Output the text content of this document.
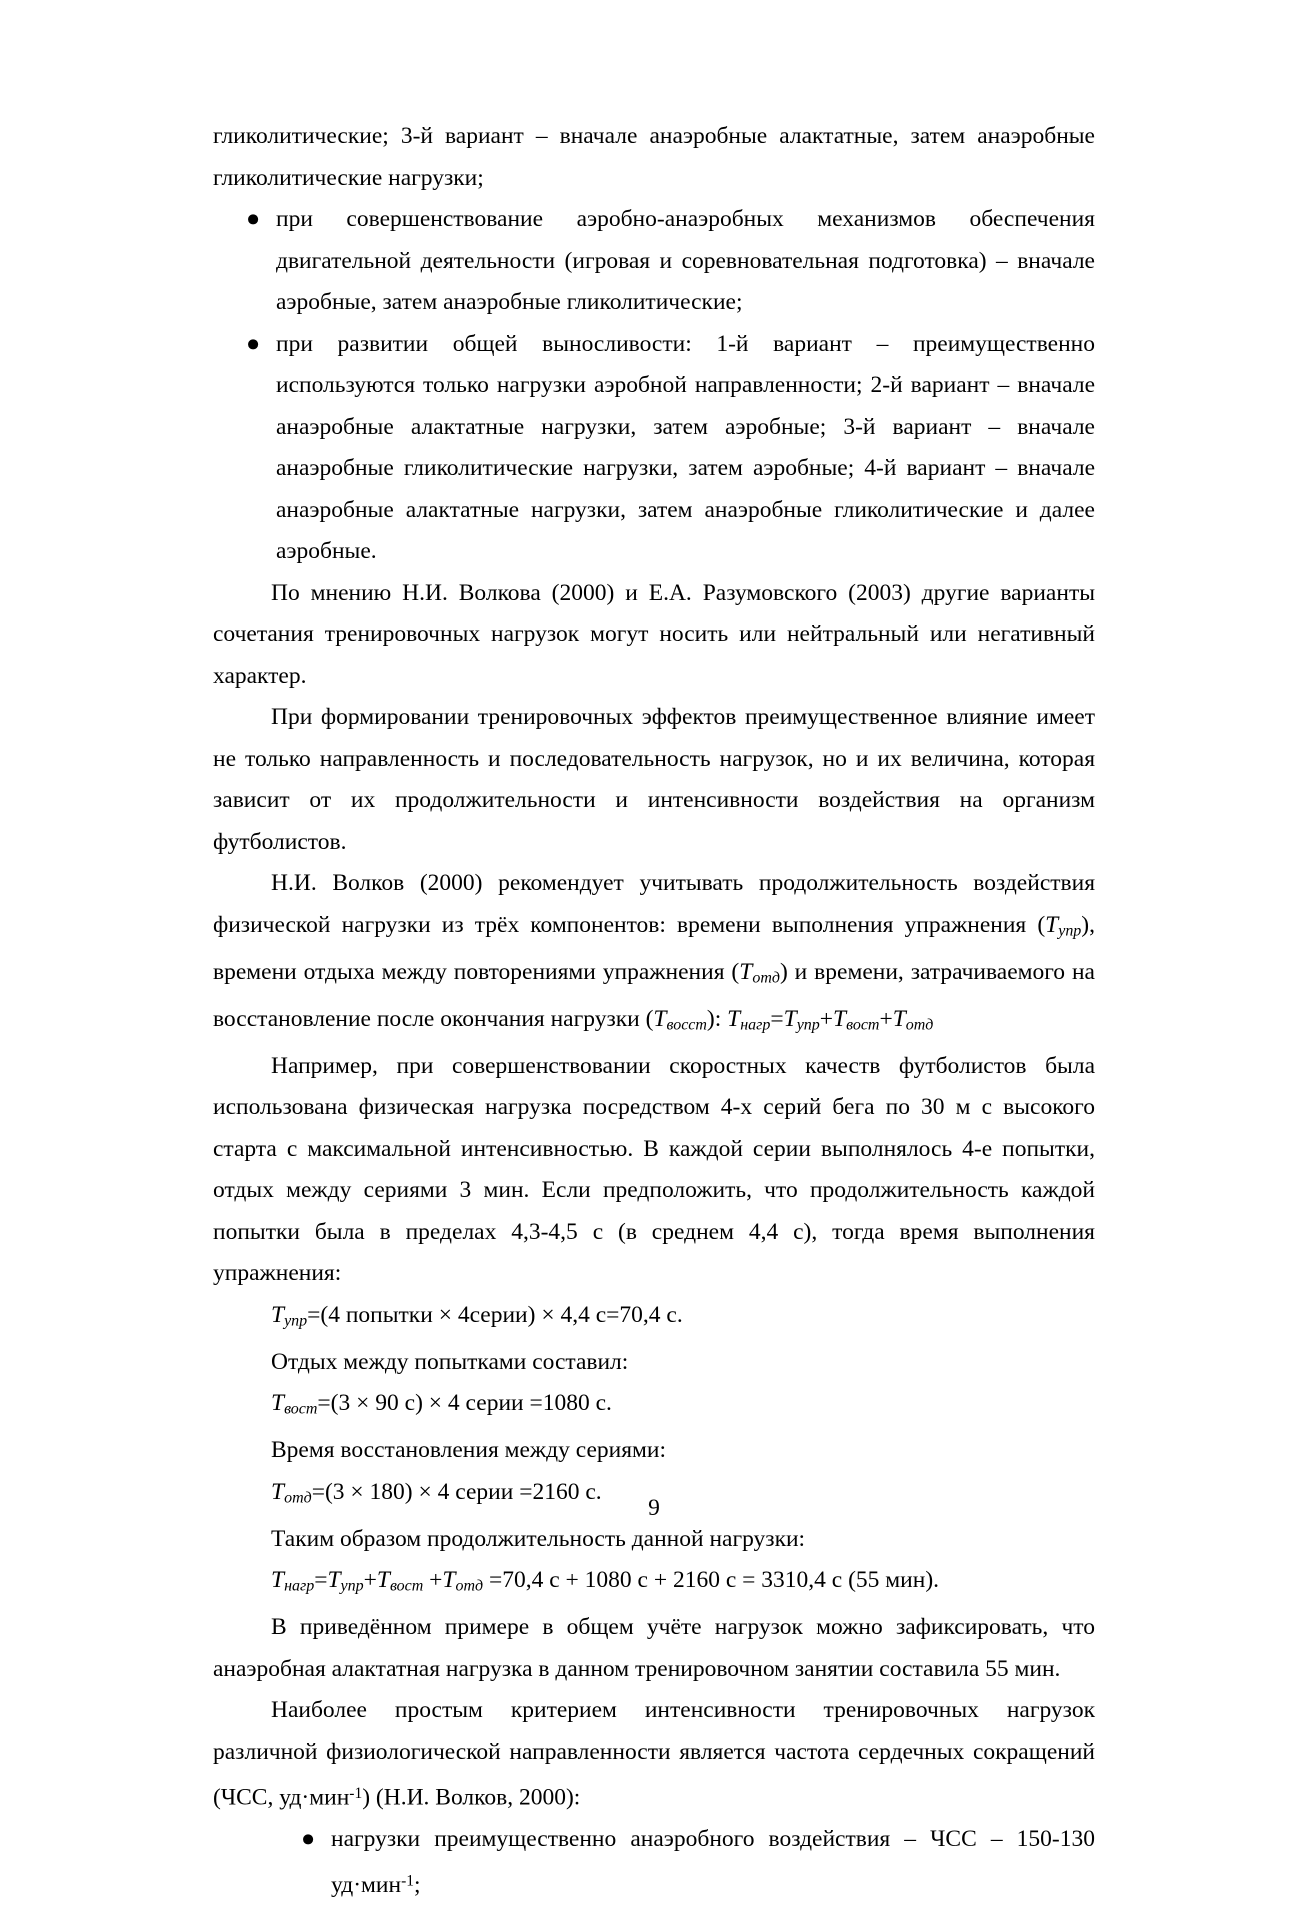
гликолитические; 3-й вариант – вначале анаэробные алактатные, затем анаэробные гликолитические нагрузки;

● при совершенствование аэробно-анаэробных механизмов обеспечения двигательной деятельности (игровая и соревновательная подготовка) – вначале аэробные, затем анаэробные гликолитические;
● при развитии общей выносливости: 1-й вариант – преимущественно используются только нагрузки аэробной направленности; 2-й вариант – вначале анаэробные алактатные нагрузки, затем аэробные; 3-й вариант – вначале анаэробные гликолитические нагрузки, затем аэробные; 4-й вариант – вначале анаэробные алактатные нагрузки, затем анаэробные гликолитические и далее аэробные.

По мнению Н.И. Волкова (2000) и Е.А. Разумовского (2003) другие варианты сочетания тренировочных нагрузок могут носить или нейтральный или негативный характер.

При формировании тренировочных эффектов преимущественное влияние имеет не только направленность и последовательность нагрузок, но и их величина, которая зависит от их продолжительности и интенсивности воздействия на организм футболистов.

Н.И. Волков (2000) рекомендует учитывать продолжительность воздействия физической нагрузки из трёх компонентов: времени выполнения упражнения $(T_{упр})$, времени отдыха между повторениями упражнения $(T_{отд})$ и времени, затрачиваемого на восстановление после окончания нагрузки $(T_{восст})$: $T_{нагр}=T_{упр}+T_{вост}+T_{отд}$

Например, при совершенствовании скоростных качеств футболистов была использована физическая нагрузка посредством 4-х серий бега по 30 м с высокого старта с максимальной интенсивностью. В каждой серии выполнялось 4-е попытки, отдых между сериями 3 мин. Если предположить, что продолжительность каждой попытки была в пределах 4,3-4,5 с (в среднем 4,4 с), тогда время выполнения упражнения:

$T_{упр}=(4$ попытки × 4серии) × 4,4 с=70,4 с.

Отдых между попытками составил:

$T_{вост}=(3 \times 90$ с) × 4 серии =1080 с.

Время восстановления между сериями:

$T_{отд}=(3 \times 180) \times 4$ серии =2160 с.

Таким образом продолжительность данной нагрузки:

$T_{нагр}=T_{упр}+T_{вост} +T_{отд} =70,4$ с + 1080 с + 2160 с = 3310,4 с (55 мин).

В приведённом примере в общем учёте нагрузок можно зафиксировать, что анаэробная алактатная нагрузка в данном тренировочном занятии составила 55 мин.

Наиболее простым критерием интенсивности тренировочных нагрузок различной физиологической направленности является частота сердечных сокращений (ЧСС, уд·мин$^{-1}$) (Н.И. Волков, 2000):

● нагрузки преимущественно анаэробного воздействия – ЧСС – 150-130 уд·мин$^{-1}$;
9
